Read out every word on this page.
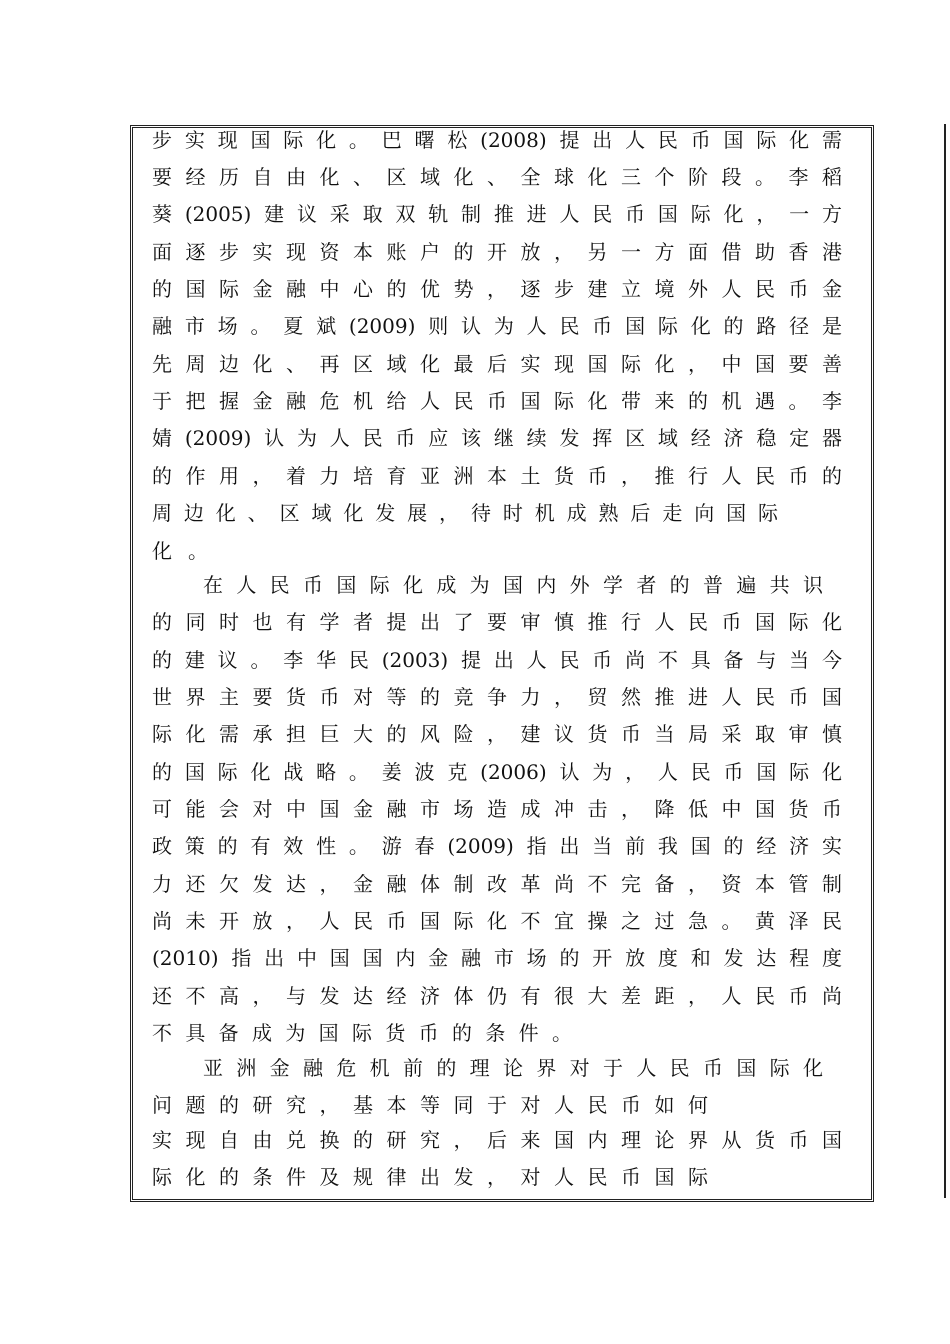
步实现国际化。巴曙松(2008)提出人民币国际化需
要经历自由化、区域化、全球化三个阶段。李稻
葵(2005)建议采取双轨制推进人民币国际化，一方
面逐步实现资本账户的开放，另一方面借助香港
的国际金融中心的优势，逐步建立境外人民币金
融市场。夏斌(2009)则认为人民币国际化的路径是
先周边化、再区域化最后实现国际化，中国要善
于把握金融危机给人民币国际化带来的机遇。李
婧(2009)认为人民币应该继续发挥区域经济稳定器
的作用，着力培育亚洲本土货币，推行人民币的
周边化、区域化发展，待时机成熟后走向国际
化。
在人民币国际化成为国内外学者的普遍共识
的同时也有学者提出了要审慎推行人民币国际化
的建议。李华民(2003)提出人民币尚不具备与当今
世界主要货币对等的竞争力，贸然推进人民币国
际化需承担巨大的风险，建议货币当局采取审慎
的国际化战略。姜波克(2006)认为，人民币国际化
可能会对中国金融市场造成冲击，降低中国货币
政策的有效性。游春(2009)指出当前我国的经济实
力还欠发达，金融体制改革尚不完备，资本管制
尚未开放，人民币国际化不宜操之过急。黄泽民
(2010)指出中国国内金融市场的开放度和发达程度
还不高，与发达经济体仍有很大差距，人民币尚
不具备成为国际货币的条件。
亚洲金融危机前的理论界对于人民币国际化
问题的研究，基本等同于对人民币如何
实现自由兑换的研究，后来国内理论界从货币国
际化的条件及规律出发，对人民币国际
